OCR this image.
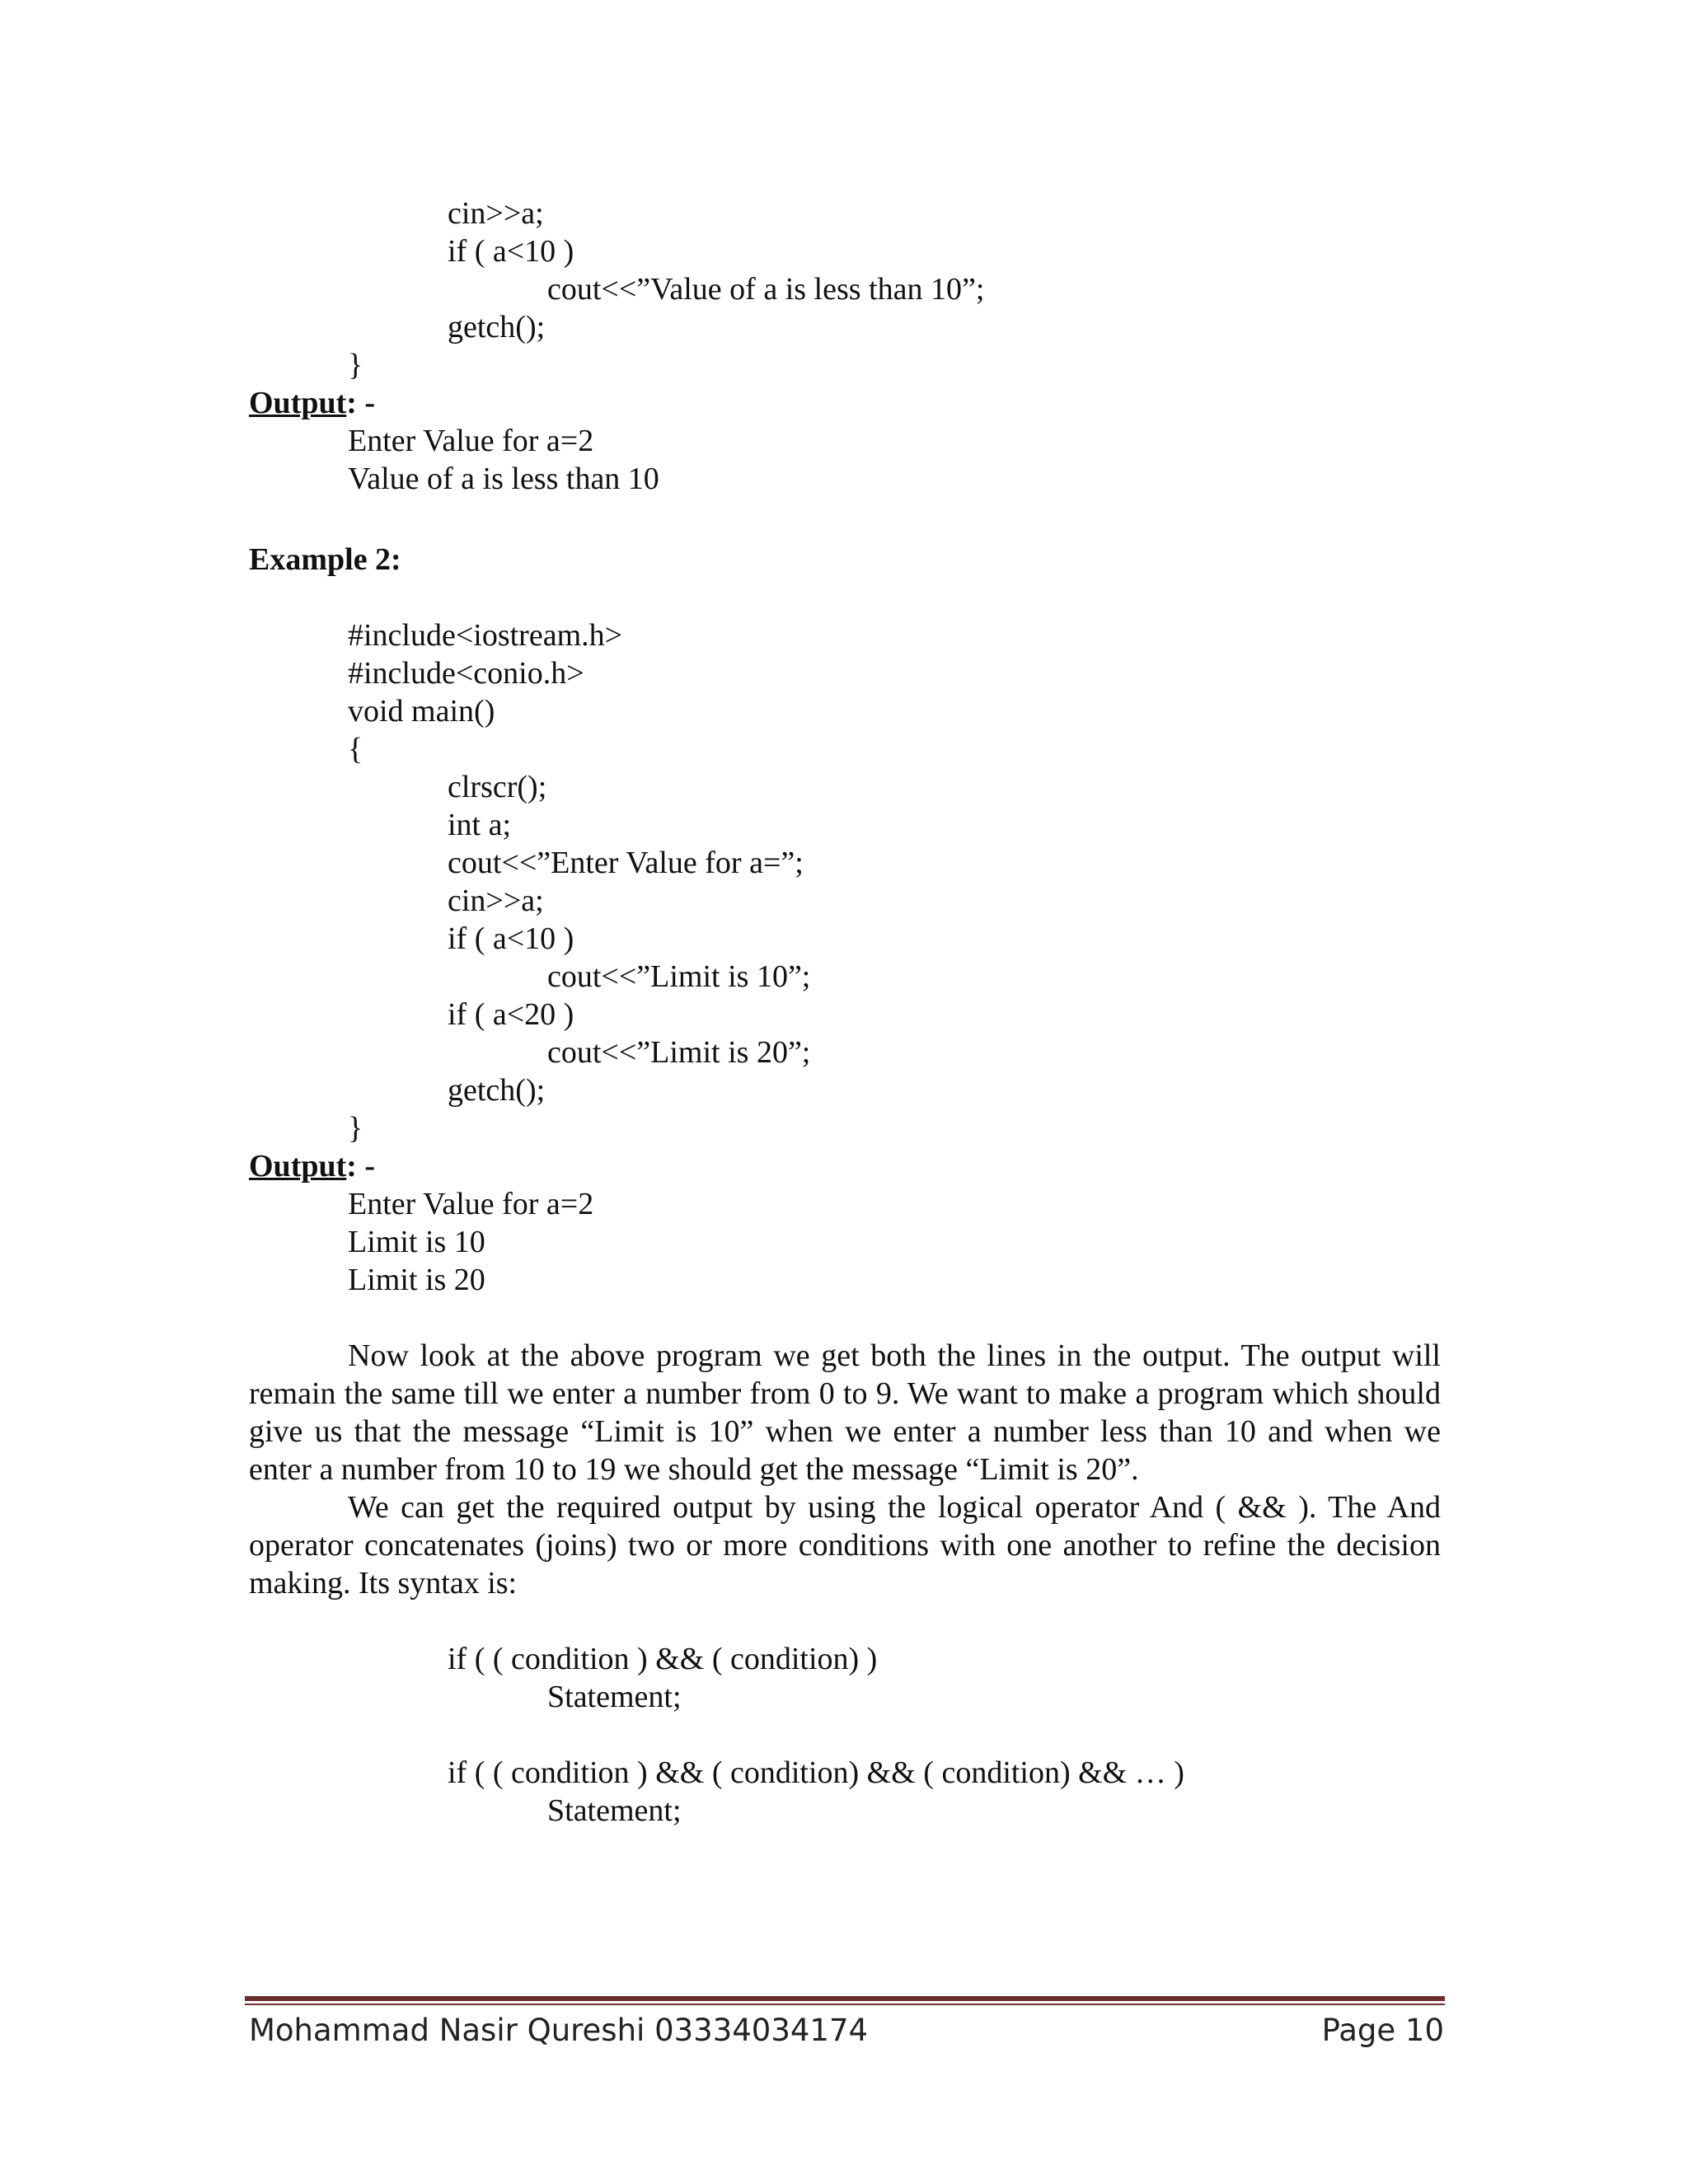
cin>>a;
if ( a<10 )
cout<<”Value of a is less than 10”;
getch();
}
Output: -
Enter Value for a=2
Value of a is less than 10
Example 2:
#include<iostream.h>
#include<conio.h>
void main()
{
clrscr();
int a;
cout<<”Enter Value for a=”;
cin>>a;
if ( a<10 )
cout<<”Limit is 10”;
if ( a<20 )
cout<<”Limit is 20”;
getch();
}
Output: -
Enter Value for a=2
Limit is 10
Limit is 20
Now look at the above program we get both the lines in the output. The output will remain the same till we enter a number from 0 to 9. We want to make a program which should give us that the message “Limit is 10” when we enter a number less than 10 and when we enter a number from 10 to 19 we should get the message “Limit is 20”.
We can get the required output by using the logical operator And ( && ). The And operator concatenates (joins) two or more conditions with one another to refine the decision making. Its syntax is:
if ( ( condition ) && ( condition) )
Statement;
if ( ( condition ) && ( condition) && ( condition) && … )
Statement;
Mohammad Nasir Qureshi 03334034174	Page 10
